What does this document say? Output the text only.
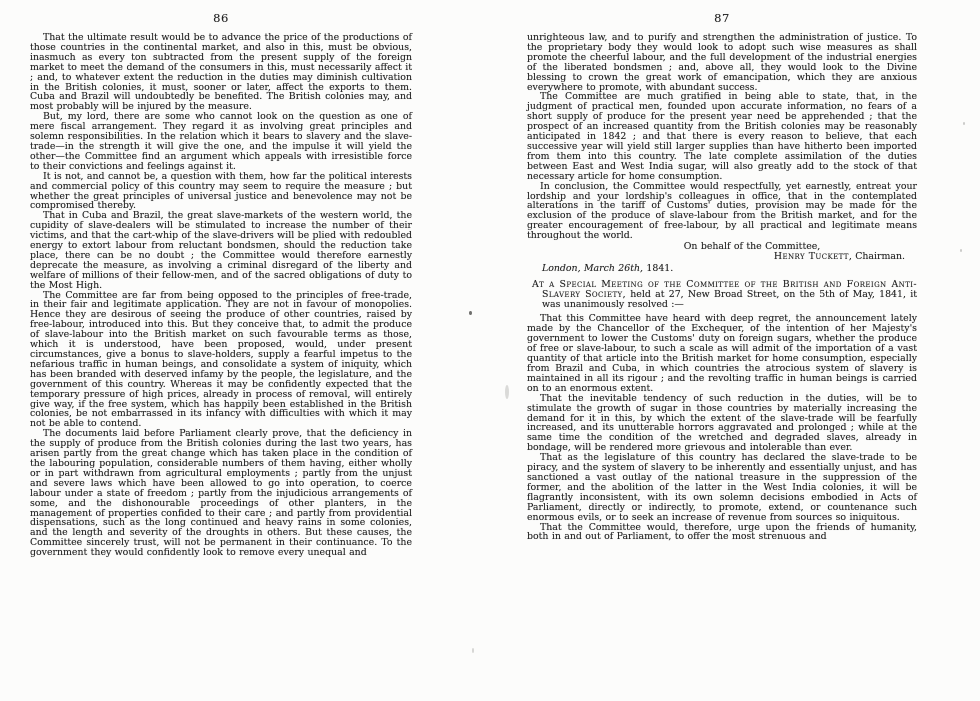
86

That the ultimate result would be to advance the price of the productions of those countries in the continental market, and also in this, must be obvious, inasmuch as every ton subtracted from the present supply of the foreign market to meet the demand of the consumers in this, must necessarily affect it ; and, to whatever extent the reduction in the duties may diminish cultivation in the British colonies, it must, sooner or later, affect the exports to them. Cuba and Brazil will undoubtedly be benefited. The British colonies may, and most probably will be injured by the measure.

But, my lord, there are some who cannot look on the question as one of mere fiscal arrangement. They regard it as involving great principles and solemn responsibilities. In the relation which it bears to slavery and the slave-trade—in the strength it will give the one, and the impulse it will yield the other—the Committee find an argument which appeals with irresistible force to their convictions and feelings against it.

It is not, and cannot be, a question with them, how far the political interests and commercial policy of this country may seem to require the measure ; but whether the great principles of universal justice and benevolence may not be compromised thereby.

That in Cuba and Brazil, the great slave-markets of the western world, the cupidity of slave-dealers will be stimulated to increase the number of their victims, and that the cart-whip of the slave-drivers will be plied with redoubled energy to extort labour from reluctant bondsmen, should the reduction take place, there can be no doubt ; the Committee would therefore earnestly deprecate the measure, as involving a criminal disregard of the liberty and welfare of millions of their fellow-men, and of the sacred obligations of duty to the Most High.

The Committee are far from being opposed to the principles of free-trade, in their fair and legitimate application. They are not in favour of monopolies. Hence they are desirous of seeing the produce of other countries, raised by free-labour, introduced into this. But they conceive that, to admit the produce of slave-labour into the British market on such favourable terms as those, which it is understood, have been proposed, would, under present circumstances, give a bonus to slave-holders, supply a fearful impetus to the nefarious traffic in human beings, and consolidate a system of iniquity, which has been branded with deserved infamy by the people, the legislature, and the government of this country. Whereas it may be confidently expected that the temporary pressure of high prices, already in process of removal, will entirely give way, if the free system, which has happily been established in the British colonies, be not embarrassed in its infancy with difficulties with which it may not be able to contend.

The documents laid before Parliament clearly prove, that the deficiency in the supply of produce from the British colonies during the last two years, has arisen partly from the great change which has taken place in the condition of the labouring population, considerable numbers of them having, either wholly or in part withdrawn from agricultural employments ; partly from the unjust and severe laws which have been allowed to go into operation, to coerce labour under a state of freedom ; partly from the injudicious arrangements of some, and the dishonourable proceedings of other planters, in the management of properties confided to their care ; and partly from providential dispensations, such as the long continued and heavy rains in some colonies, and the length and severity of the droughts in others. But these causes, the Committee sincerely trust, will not be permanent in their continuance. To the government they would confidently look to remove every unequal and

87

unrighteous law, and to purify and strengthen the administration of justice. To the proprietary body they would look to adopt such wise measures as shall promote the cheerful labour, and the full development of the industrial energies of the liberated bondsmen ; and, above all, they would look to the Divine blessing to crown the great work of emancipation, which they are anxious everywhere to promote, with abundant success.

The Committee are much gratified in being able to state, that, in the judgment of practical men, founded upon accurate information, no fears of a short supply of produce for the present year need be apprehended ; that the prospect of an increased quantity from the British colonies may be reasonably anticipated in 1842 ; and that there is every reason to believe, that each successive year will yield still larger supplies than have hitherto been imported from them into this country. The late complete assimilation of the duties between East and West India sugar, will also greatly add to the stock of that necessary article for home consumption.

In conclusion, the Committee would respectfully, yet earnestly, entreat your lordship and your lordship's colleagues in office, that in the contemplated alterations in the tariff of Customs' duties, provision may be made for the exclusion of the produce of slave-labour from the British market, and for the greater encouragement of free-labour, by all practical and legitimate means throughout the world.

On behalf of the Committee,

Henry Tuckett, Chairman.

London, March 26th, 1841.

At a Special Meeting of the Committee of the British and Foreign Anti-Slavery Society, held at 27, New Broad Street, on the 5th of May, 1841, it was unanimously resolved :—

That this Committee have heard with deep regret, the announcement lately made by the Chancellor of the Exchequer, of the intention of her Majesty's government to lower the Customs' duty on foreign sugars, whether the produce of free or slave-labour, to such a scale as will admit of the importation of a vast quantity of that article into the British market for home consumption, especially from Brazil and Cuba, in which countries the atrocious system of slavery is maintained in all its rigour ; and the revolting traffic in human beings is carried on to an enormous extent.

That the inevitable tendency of such reduction in the duties, will be to stimulate the growth of sugar in those countries by materially increasing the demand for it in this, by which the extent of the slave-trade will be fearfully increased, and its unutterable horrors aggravated and prolonged ; while at the same time the condition of the wretched and degraded slaves, already in bondage, will be rendered more grievous and intolerable than ever.

That as the legislature of this country has declared the slave-trade to be piracy, and the system of slavery to be inherently and essentially unjust, and has sanctioned a vast outlay of the national treasure in the suppression of the former, and the abolition of the latter in the West India colonies, it will be flagrantly inconsistent, with its own solemn decisions embodied in Acts of Parliament, directly or indirectly, to promote, extend, or countenance such enormous evils, or to seek an increase of revenue from sources so iniquitous.

That the Committee would, therefore, urge upon the friends of humanity, both in and out of Parliament, to offer the most strenuous and
